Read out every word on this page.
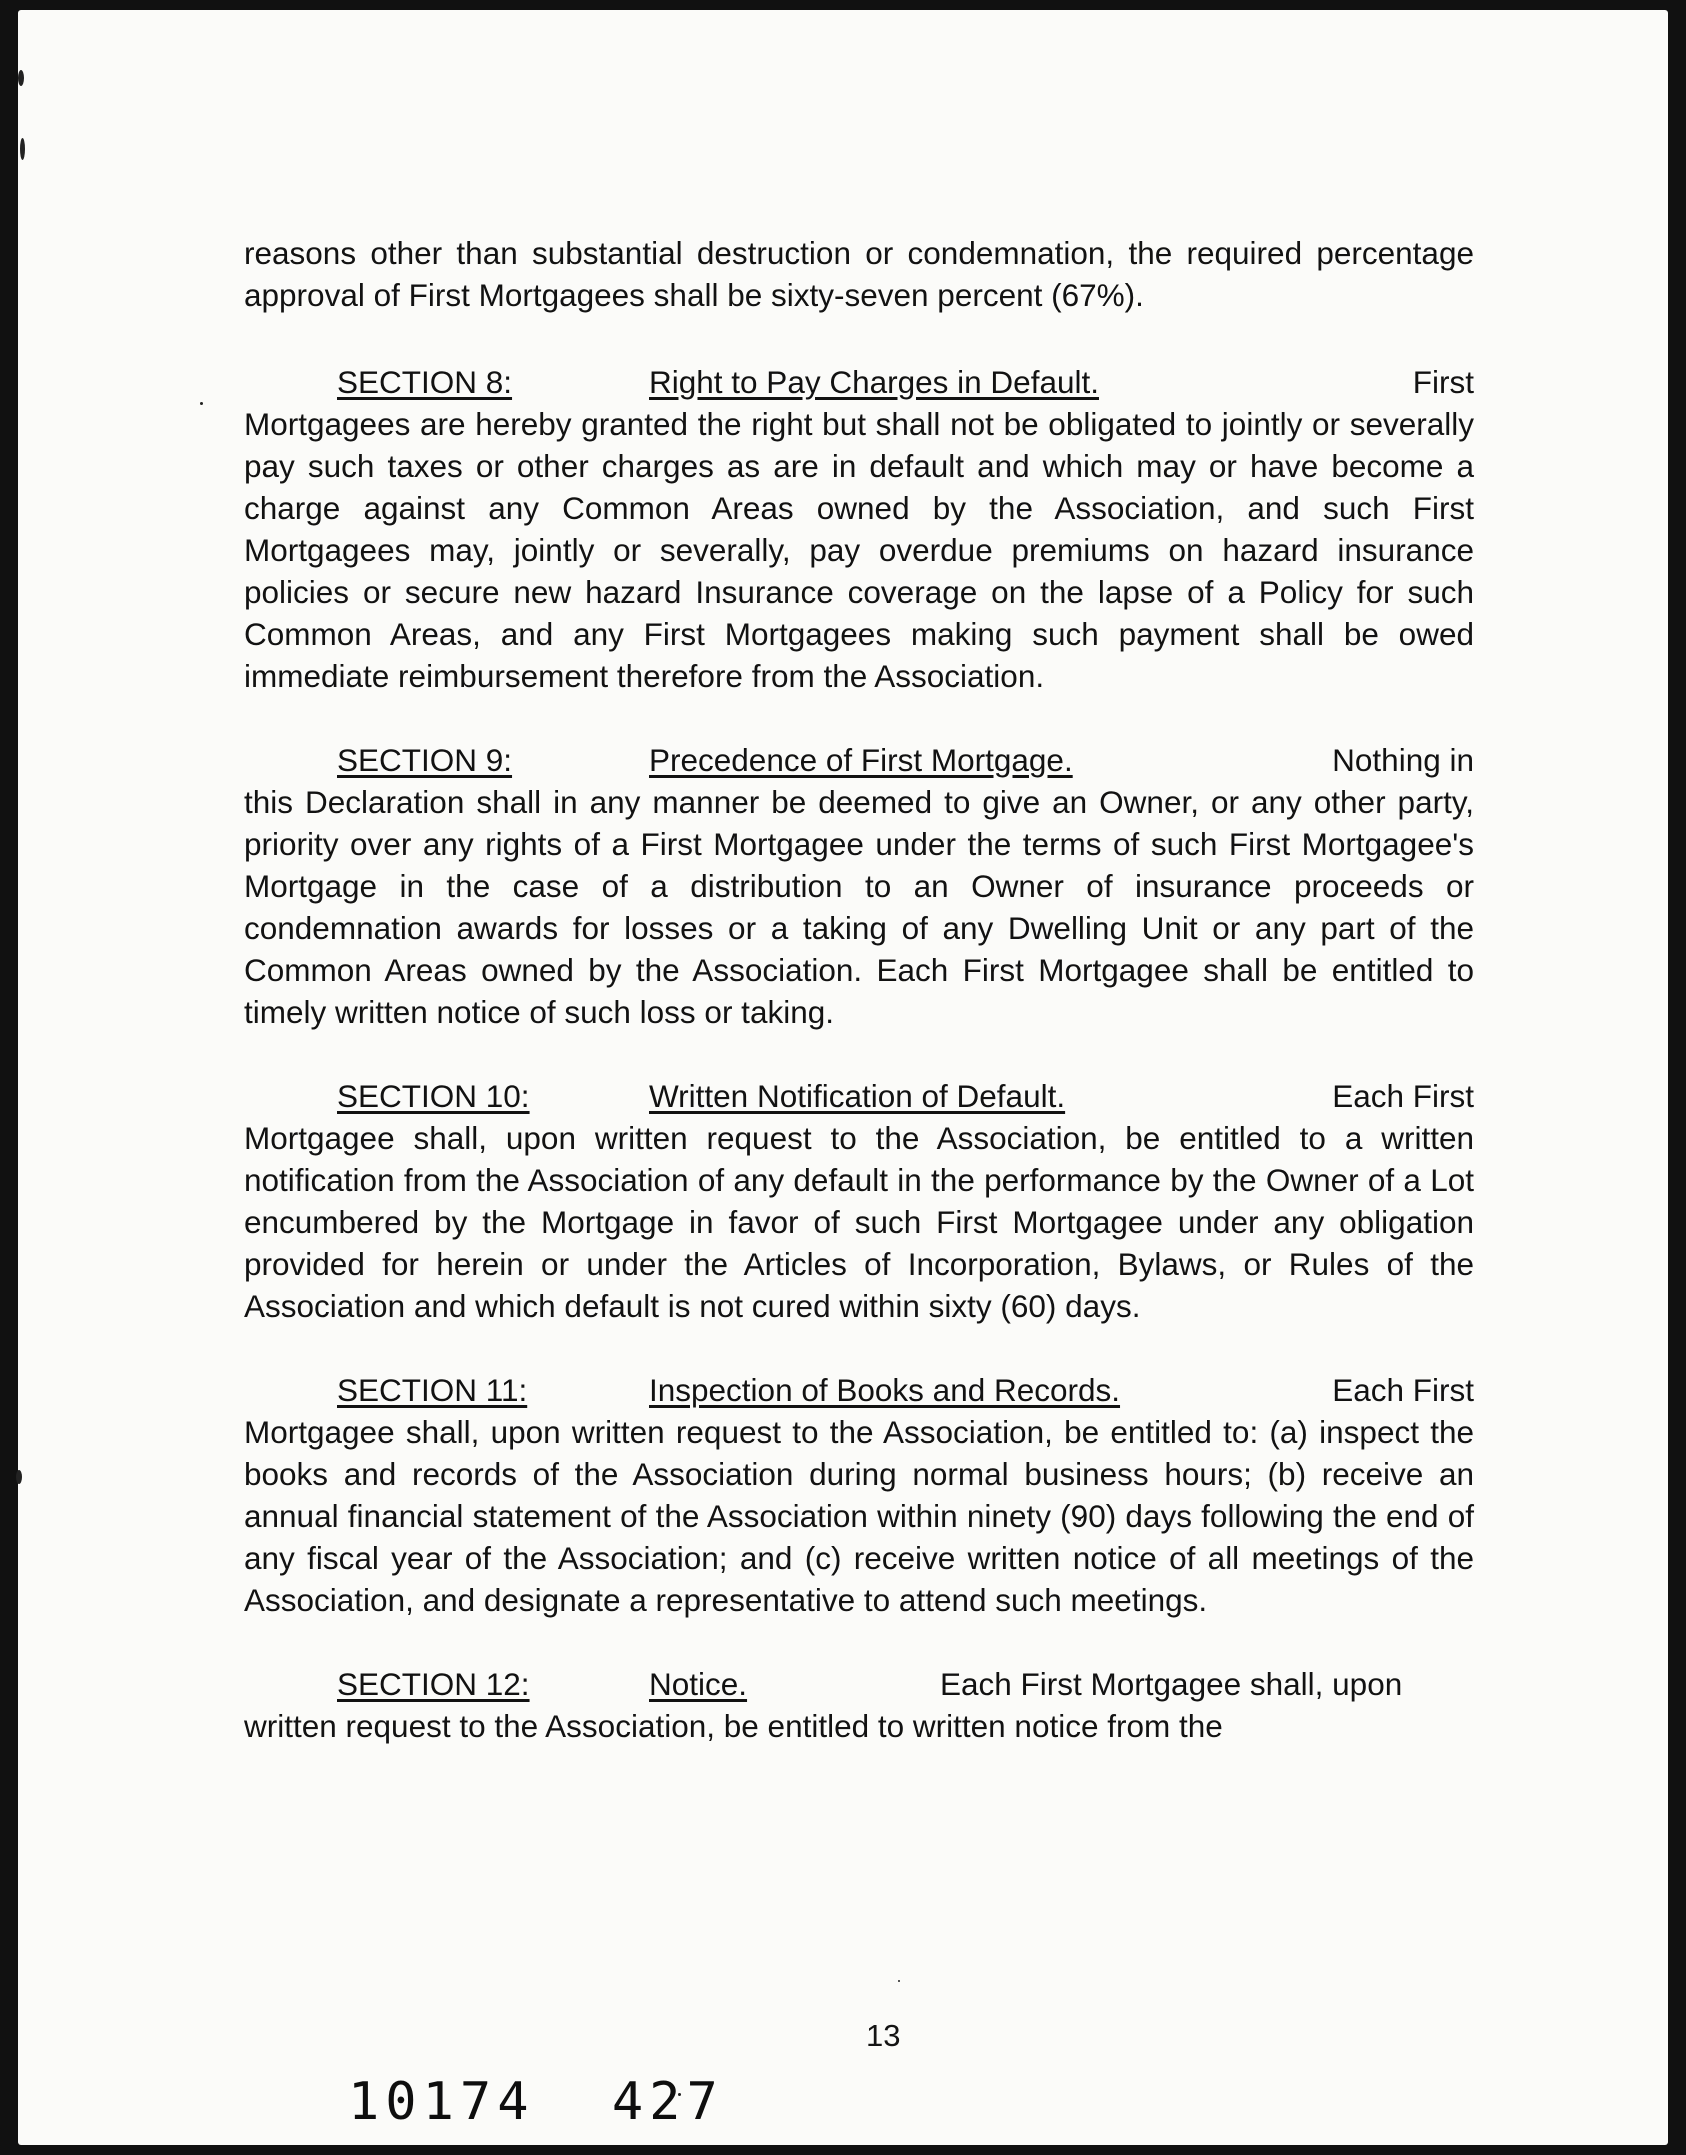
reasons other than substantial destruction or condemnation, the required percentage approval of First Mortgagees shall be sixty-seven percent (67%).

SECTION 8:	Right to Pay Charges in Default.	First

Mortgagees are hereby granted the right but shall not be obligated to jointly or severally pay such taxes or other charges as are in default and which may or have become a charge against any Common Areas owned by the Association, and such First Mortgagees may, jointly or severally, pay overdue premiums on hazard insurance policies or secure new hazard Insurance coverage on the lapse of a Policy for such Common Areas, and any First Mortgagees making such payment shall be owed immediate reimbursement therefore from the Association.

SECTION 9:	Precedence of First Mortgage.	Nothing in

this Declaration shall in any manner be deemed to give an Owner, or any other party, priority over any rights of a First Mortgagee under the terms of such First Mortgagee's Mortgage in the case of a distribution to an Owner of insurance proceeds or condemnation awards for losses or a taking of any Dwelling Unit or any part of the Common Areas owned by the Association. Each First Mortgagee shall be entitled to timely written notice of such loss or taking.

SECTION 10:	Written Notification of Default.	Each First

Mortgagee shall, upon written request to the Association, be entitled to a written notification from the Association of any default in the performance by the Owner of a Lot encumbered by the Mortgage in favor of such First Mortgagee under any obligation provided for herein or under the Articles of Incorporation, Bylaws, or Rules of the Association and which default is not cured within sixty (60) days.

SECTION 11:	Inspection of Books and Records.	Each First

Mortgagee shall, upon written request to the Association, be entitled to: (a) inspect the books and records of the Association during normal business hours; (b) receive an annual financial statement of the Association within ninety (90) days following the end of any fiscal year of the Association; and (c) receive written notice of all meetings of the Association, and designate a representative to attend such meetings.

SECTION 12:	Notice.	Each First Mortgagee shall, upon

written request to the Association, be entitled to written notice from the

13
10174 427
